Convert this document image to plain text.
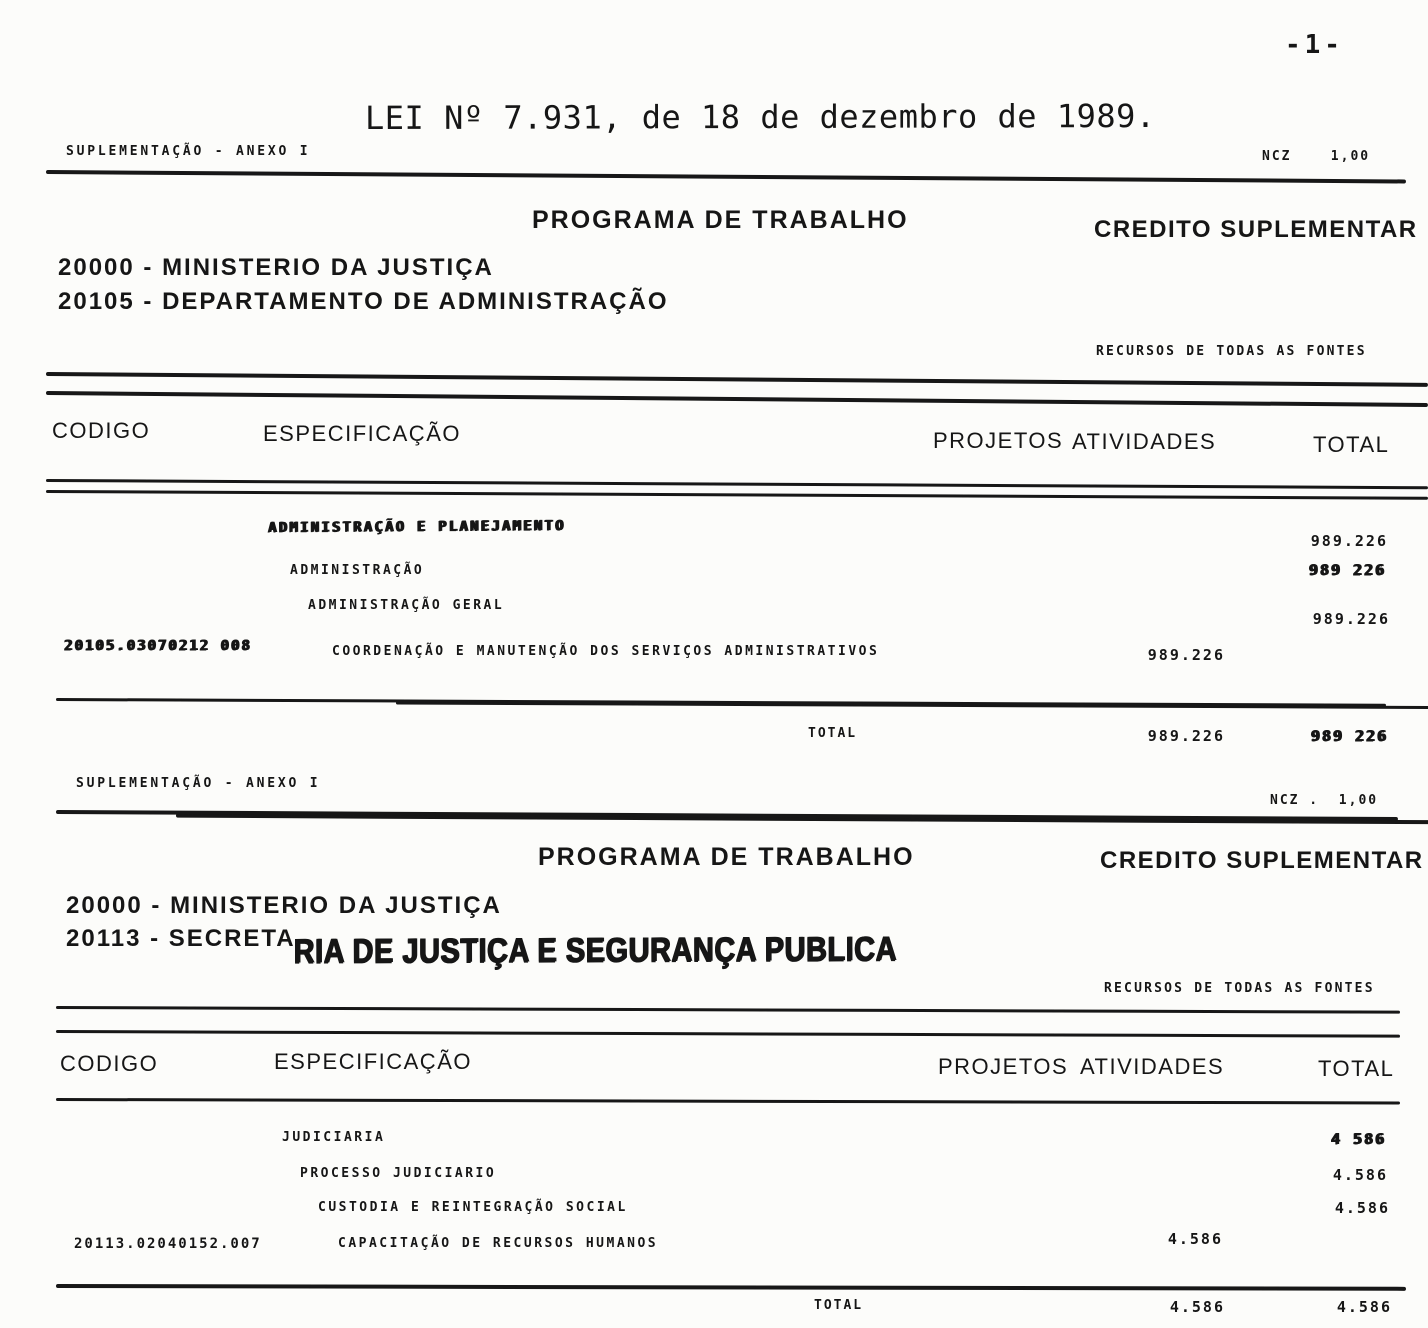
-1-
LEI Nº 7.931, de 18 de dezembro de 1989.
SUPLEMENTAÇÃO - ANEXO I	NCZ    1,00
PROGRAMA DE TRABALHO	CREDITO SUPLEMENTAR
20000 - MINISTERIO DA JUSTIÇA
20105 - DEPARTAMENTO DE ADMINISTRAÇÃO
RECURSOS DE TODAS AS FONTES
CODIGO	ESPECIFICAÇÃO	PROJETOS ATIVIDADES	TOTAL
ADMINISTRAÇÃO E PLANEJAMENTO
989.226
ADMINISTRAÇÃO	989 226
ADMINISTRAÇÃO GERAL
989.226
20105.03070212 008	COORDENAÇÃO E MANUTENÇÃO DOS SERVIÇOS ADMINISTRATIVOS	989.226
TOTAL	989.226	989 226
SUPLEMENTAÇÃO - ANEXO I
NCZ .  1,00
PROGRAMA DE TRABALHO	CREDITO SUPLEMENTAR
20000 - MINISTERIO DA JUSTIÇA
20113 - SECRETA
RIA DE JUSTIÇA E SEGURANÇA PUBLICA
RECURSOS DE TODAS AS FONTES
CODIGO	ESPECIFICAÇÃO	PROJETOS ATIVIDADES	TOTAL
JUDICIARIA	4 586
PROCESSO JUDICIARIO	4.586
CUSTODIA E REINTEGRAÇÃO SOCIAL	4.586
20113.02040152.007	CAPACITAÇÃO DE RECURSOS HUMANOS	4.586
TOTAL	4.586	4.586
